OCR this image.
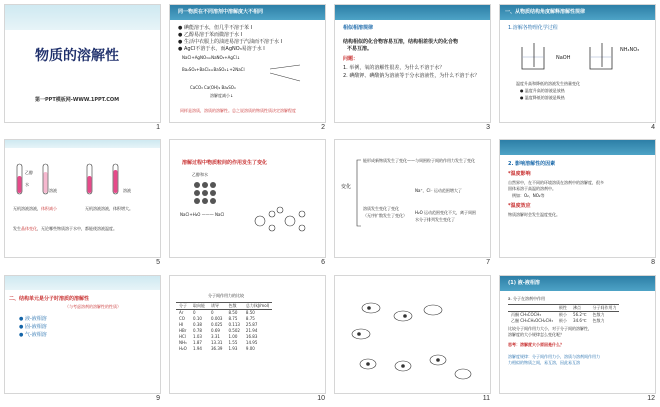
物质的溶解性
第一PPT模板网-WWW.1PPT.COM
1
同一物质在不同溶剂中溶解度大不相同
● 碘能溶于水，但几乎不溶于苯 I
● 乙醇易溶于苯而微溶于水 I
● 生活中衣服上的油迹易溶于汽油而不溶于水 I
● AgCl不溶于水，而AgNO₃易溶于水 I
NaCl+AgNO₃=NaNO₃+AgCl↓
Ba₂SO₄+BaCl₂=BaSO₄↓+2NaCl
CaCO₃ Ca(OH)₂ Ba₂SO₄
溶解度减小↓
同样是溶质，溶质的溶解性。总之说溶质的物质性质决定溶解程度
2
相似相溶规律
结构相似的化合物容易互溶，结构相差很大的化合物
不易互溶。
问题：
1. 举例，氧的溶解性很差，为什么不溶于水？
2. 碘酸钾、碘酸钠为溶液等于分水溶液性，为什么不溶于水？
3
一、从物质结构角度解释溶解性规律
1.溶解各物理化学过程
NaOH
NH₄NO₃
温度升高和降低的溶液发生热量变化
● 温度升高的溶液是放热
● 温度降低的溶液是吸热
4
乙醇
水
溶液	溶液
无机溶液溶液，体积减小	无机溶液溶液，体积增大。
发生晶体变化，无论哪些物质溶于水中，都能使溶液温度。
5
溶解过程中物质粒间的作用发生了变化
乙醇和水
NaCl+H₂O ——— NaCl
6
变化
能形成新物质发生了变化——与周围粒子间的作用力发生了变化
溶质发生变化了变化
（无序扩散发生了变化）
Na⁺，Cl⁻ 运动范围增大了
H₂O 运动范围变化不大，离子周围
水分子排列发生变化了
7
2. 影响溶解性的因素
*温度影响
自然界中，在不同的环境溶质在溶剂中的溶解度，很多
固体易溶于高温的溶剂中。
例如：O₂、NO₂等
*温度效应
物质溶解时会发生温度变化。
8
二、结构单元是分子时溶质的溶解性
（与考虑溶剂的溶解性的性质）
● 液-液相溶
● 固-液相溶
● 气-液相溶
9
分子间作用力的比较
分子	取向能	诱导	色散	总力(kJ/mol)
Ar	0	0	8.50	8.50
CO	0.10	0.003	8.75	8.75
HI	0.38	0.025	0.113	25.87
HBr	0.78	0.69	0.502	21.94
HCl	1.03	3.31	1.00	16.83
NH₃	1.87	13.31	1.55	14.95
H₂O	1.94	36.39	1.93	9.00
10	11
(1) 液-液相溶
a. 分子在溶剂中作用
	极性	沸点	分子间作用力
丙酮 CH₃COCH₃	极小	56.2℃	色散力
乙醚 CH₃CH₂OCH₂CH₃	极小	34.6℃	色散力
比较分子间作用力大小，对于分子间的溶解性，
溶解度的大小规律怎么变化呢？
思考：溶解度大小原因是什么？
溶解度规律：分子间作用力小，溶质与溶剂间作用力
力相似的物质之间，易互溶，因此易互溶
12
